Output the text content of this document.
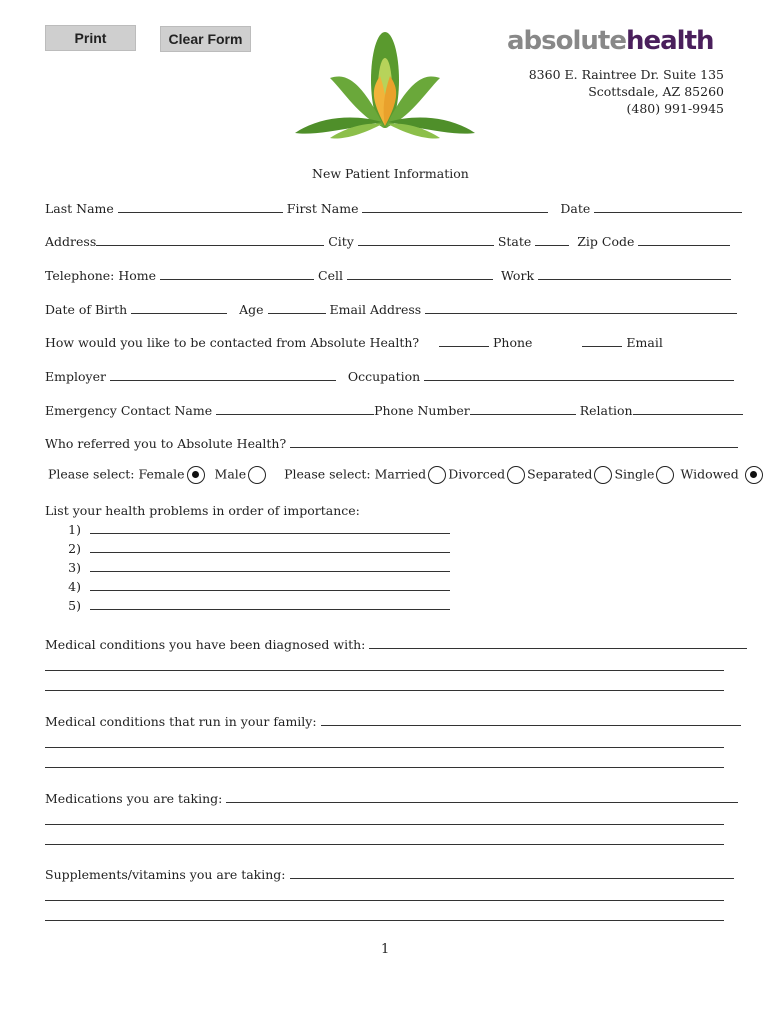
Print	Clear Form	absolutehealth
8360 E. Raintree Dr. Suite 135
Scottsdale, AZ 85260
(480) 991-9945
New Patient Information
Last Name	First Name	Date
Address	City	State	Zip Code
Telephone: Home	Cell	Work
Date of Birth	Age	Email Address
How would you like to be contacted from Absolute Health?	Phone	Email
Employer	Occupation
Emergency Contact Name	Phone Number	Relation
Who referred you to Absolute Health?
Please select: Female Male	Please select: Married Divorced Separated Single Widowed
List your health problems in order of importance:
1)
2)
3)
4)
5)
Medical conditions you have been diagnosed with:
Medical conditions that run in your family:
Medications you are taking:
Supplements/vitamins you are taking:
1
